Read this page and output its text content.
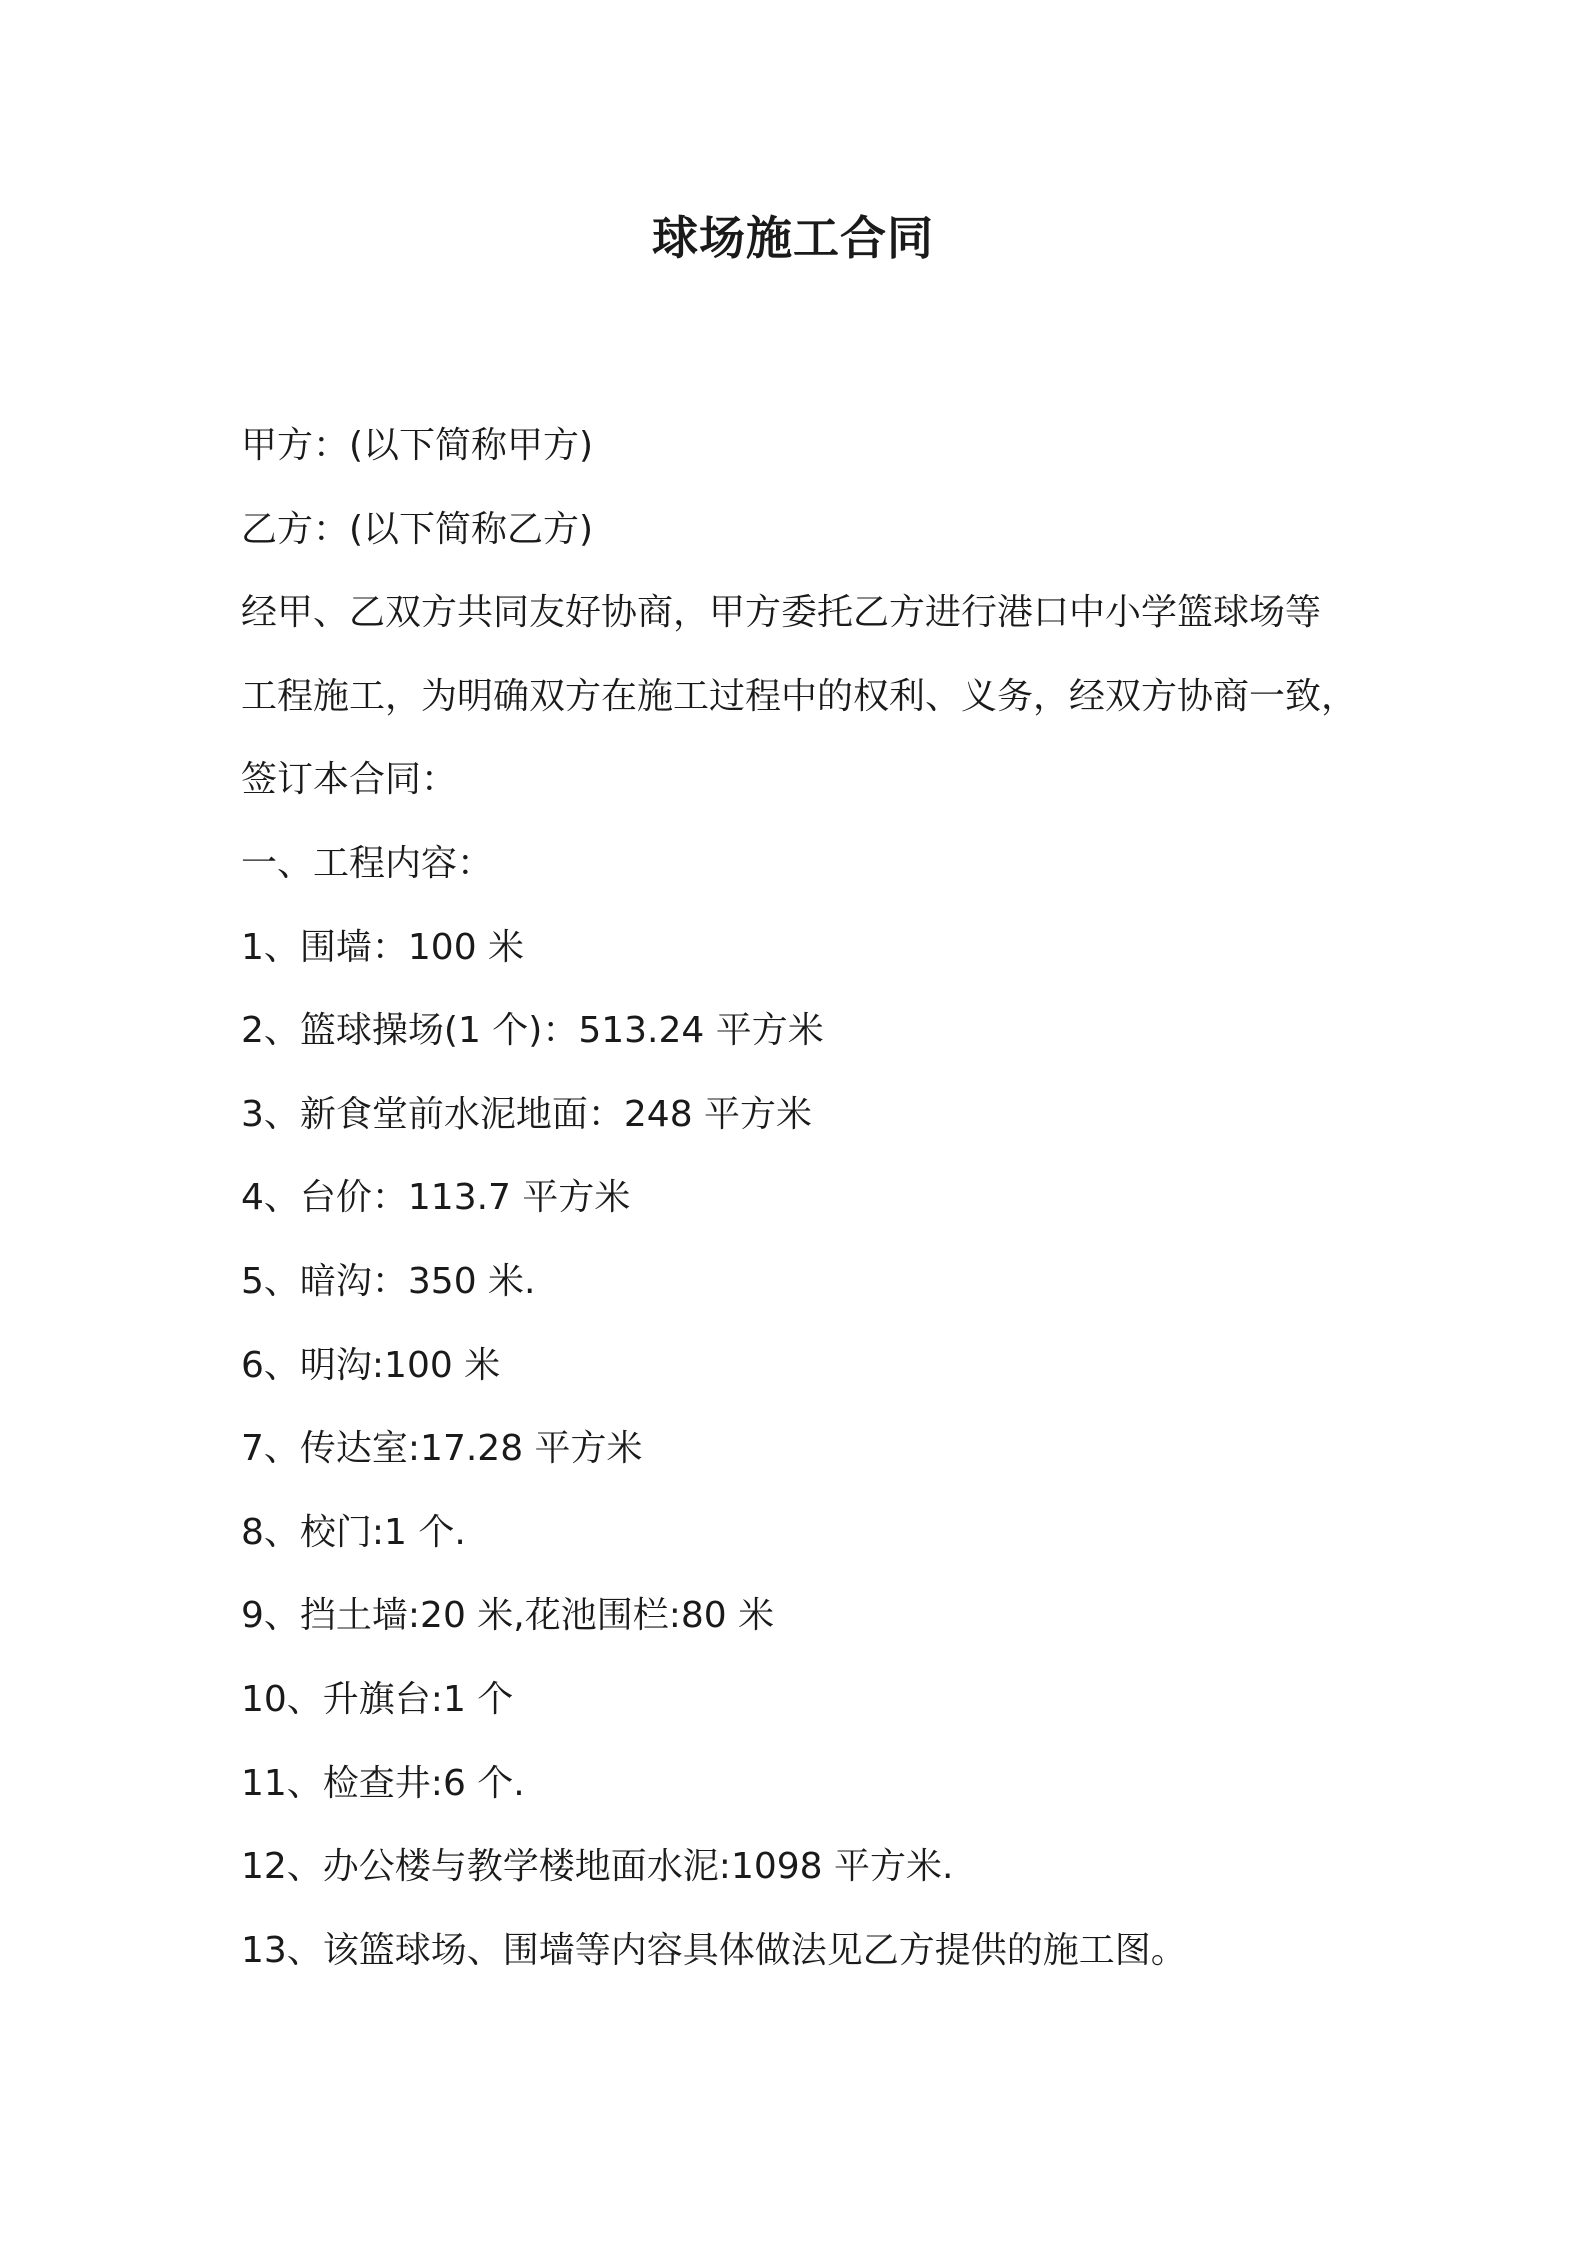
球场施工合同
甲方：(以下简称甲方)
乙方：(以下简称乙方)
经甲、乙双方共同友好协商，甲方委托乙方进行港口中小学篮球场等
工程施工，为明确双方在施工过程中的权利、义务，经双方协商一致，
签订本合同：
一、工程内容：
1、围墙：100 米
2、篮球操场(1 个)：513.24 平方米
3、新食堂前水泥地面：248 平方米
4、台价：113.7 平方米
5、暗沟：350 米.
6、明沟:100 米
7、传达室:17.28 平方米
8、校门:1 个.
9、挡土墙:20 米,花池围栏:80 米
10、升旗台:1 个
11、检查井:6 个.
12、办公楼与教学楼地面水泥:1098 平方米.
13、该篮球场、围墙等内容具体做法见乙方提供的施工图。
